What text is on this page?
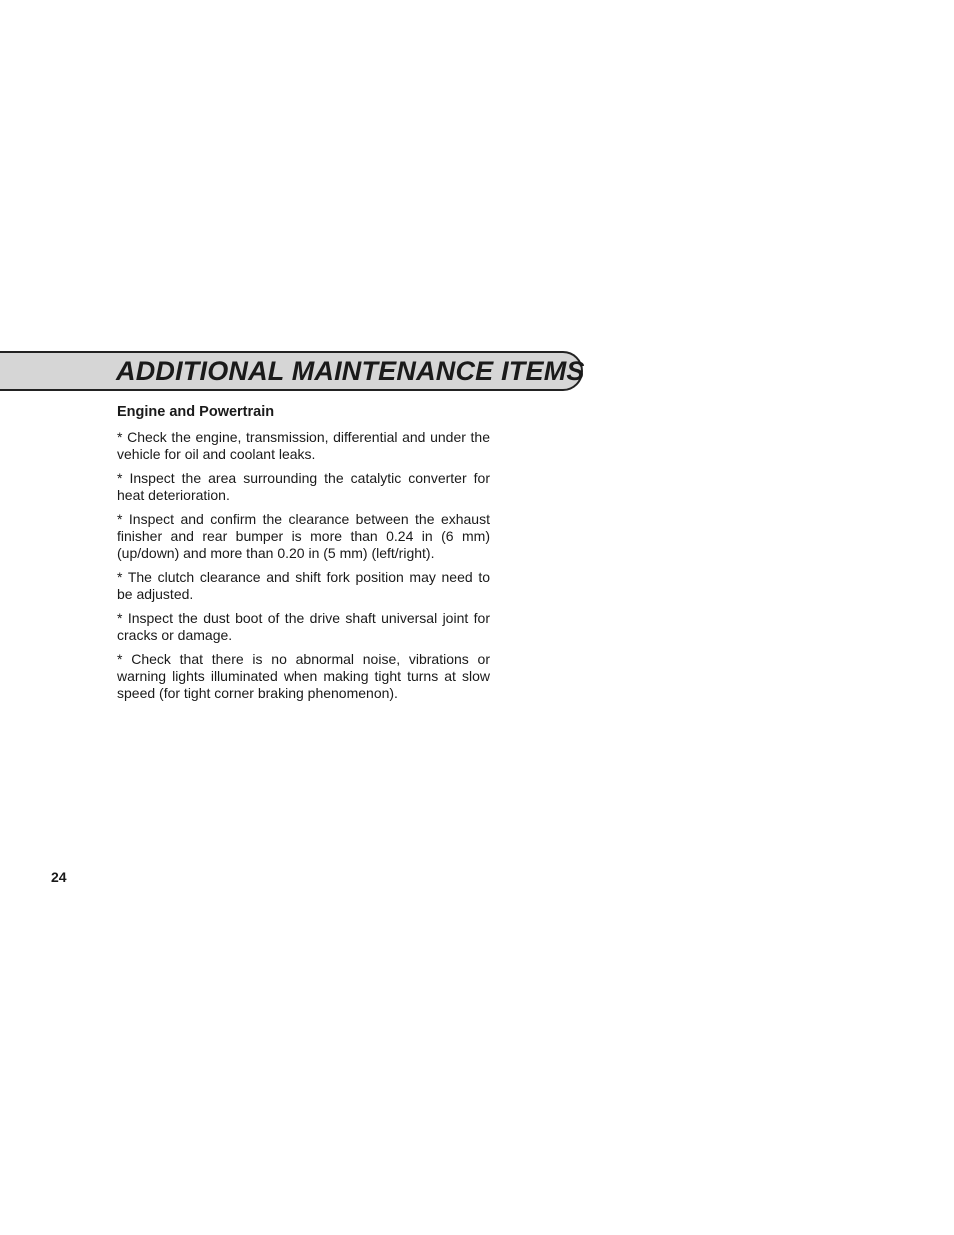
ADDITIONAL MAINTENANCE ITEMS
Engine and Powertrain
* Check the engine, transmission, differential and under the vehicle for oil and coolant leaks.
* Inspect the area surrounding the catalytic converter for heat deterioration.
* Inspect and confirm the clearance between the exhaust finisher and rear bumper is more than 0.24 in (6 mm) (up/down) and more than 0.20 in (5 mm) (left/right).
* The clutch clearance and shift fork position may need to be adjusted.
* Inspect the dust boot of the drive shaft universal joint for cracks or damage.
* Check that there is no abnormal noise, vibrations or warning lights illuminated when making tight turns at slow speed (for tight corner braking phenomenon).
24
